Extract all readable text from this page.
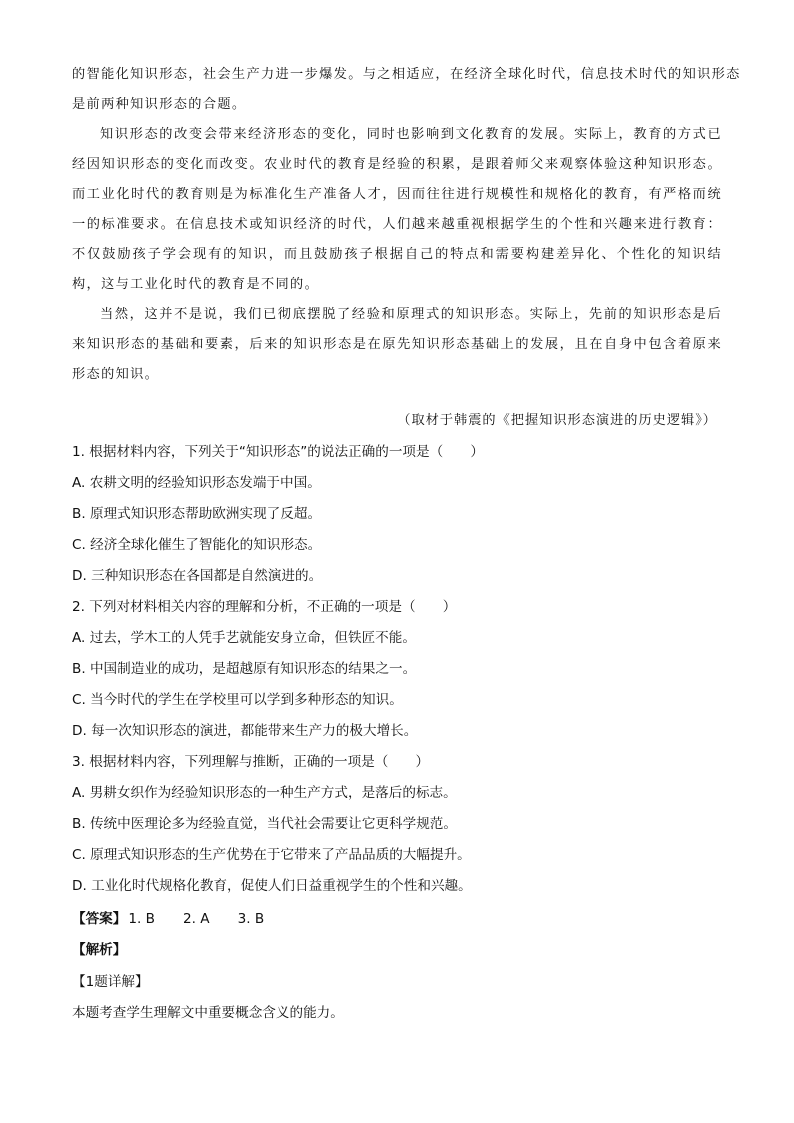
的智能化知识形态，社会生产力进一步爆发。与之相适应，在经济全球化时代，信息技术时代的知识形态

是前两种知识形态的合题。

知识形态的改变会带来经济形态的变化，同时也影响到文化教育的发展。实际上，教育的方式已经因知识形态的变化而改变。农业时代的教育是经验的积累，是跟着师父来观察体验这种知识形态。而工业化时代的教育则是为标准化生产准备人才，因而往往进行规模性和规格化的教育，有严格而统一的标准要求。在信息技术或知识经济的时代，人们越来越重视根据学生的个性和兴趣来进行教育：不仅鼓励孩子学会现有的知识，而且鼓励孩子根据自己的特点和需要构建差异化、个性化的知识结构，这与工业化时代的教育是不同的。

当然，这并不是说，我们已彻底摆脱了经验和原理式的知识形态。实际上，先前的知识形态是后来知识形态的基础和要素，后来的知识形态是在原先知识形态基础上的发展，且在自身中包含着原来形态的知识。

（取材于韩震的《把握知识形态演进的历史逻辑》）
1. 根据材料内容，下列关于“知识形态”的说法正确的一项是（　　）
A. 农耕文明的经验知识形态发端于中国。
B. 原理式知识形态帮助欧洲实现了反超。
C. 经济全球化催生了智能化的知识形态。
D. 三种知识形态在各国都是自然演进的。
2. 下列对材料相关内容的理解和分析，不正确的一项是（　　）
A. 过去，学木工的人凭手艺就能安身立命，但铁匠不能。
B. 中国制造业的成功，是超越原有知识形态的结果之一。
C. 当今时代的学生在学校里可以学到多种形态的知识。
D. 每一次知识形态的演进，都能带来生产力的极大增长。
3. 根据材料内容，下列理解与推断，正确的一项是（　　）
A. 男耕女织作为经验知识形态的一种生产方式，是落后的标志。
B. 传统中医理论多为经验直觉，当代社会需要让它更科学规范。
C. 原理式知识形态的生产优势在于它带来了产品品质的大幅提升。
D. 工业化时代规格化教育，促使人们日益重视学生的个性和兴趣。
【答案】 1. B 2. A 3. B
【解析】
【1题详解】
本题考查学生理解文中重要概念含义的能力。
